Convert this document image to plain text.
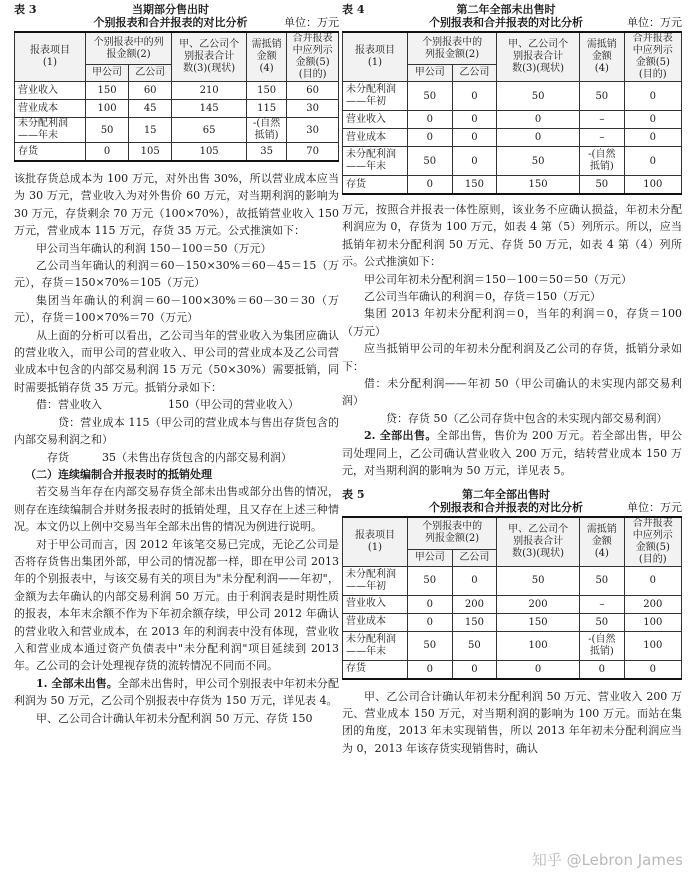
表 3	当期部分售出时
个别报表和合并报表的对比分析	单位：万元
报表项目
(1)	个别报表中的列
报金额(2)		甲、乙公司个
别报表合计
数(3)(现状)	需抵销
金额
(4)	合并报表
中应列示
金额(5)
(目的)
	甲公司	乙公司			
营业收入	150	60	210	150	60
营业成本	100	45	145	115	30
未分配利润
——年末	50	15	65	-(自然
抵销)	30
存货	0	105	105	35	70

该批存货总成本为 100 万元，对外出售 30%，所以营业成本应当为 30 万元，营业收入为对外售价 60 万元，对当期利润的影响为 30 万元，存货剩余 70 万元（100×70%），故抵销营业收入 150 万元，营业成本 115 万元，存货 35 万元。公式推演如下：

甲公司当年确认的利润 150－100＝50（万元）

乙公司当年确认的利润＝60－150×30%＝60－45＝15（万元），存货＝150×70%＝105（万元）

集团当年确认的利润＝60－100×30%＝60－30＝30（万元），存货＝100×70%＝70（万元）

从上面的分析可以看出，乙公司当年的营业收入为集团应确认的营业收入，而甲公司的营业收入、甲公司的营业成本及乙公司营业成本中包含的内部交易利润 15 万元（50×30%）需要抵销，同时需要抵销存货 35 万元。抵销分录如下：

借：营业收入　　　　　　150（甲公司的营业收入）

贷：营业成本 115（甲公司的营业成本与售出存货包含的内部交易利润之和）

存货　　　35（未售出存货包含的内部交易利润）

（二）连续编制合并报表时的抵销处理

若交易当年存在内部交易存货全部未出售或部分出售的情况，则存在连续编制合并财务报表时的抵销处理，且又存在上述三种情况。本文仍以上例中交易当年全部未出售的情况为例进行说明。

对于甲公司而言，因 2012 年该笔交易已完成，无论乙公司是否将存货售出集团外部，甲公司的情况都一样，即在甲公司 2013 年的个别报表中，与该交易有关的项目为"未分配利润——年初"，金额为去年确认的内部交易利润 50 万元。由于利润表是时期性质的报表，本年末余额不作为下年初余额存续，甲公司 2012 年确认的营业收入和营业成本，在 2013 年的利润表中没有体现，营业收入和营业成本通过资产负债表中"未分配利润"项目延续到 2013 年。乙公司的会计处理视存货的流转情况不同而不同。

1. 全部未出售。全部未出售时，甲公司个别报表中年初未分配利润为 50 万元，乙公司个别报表中存货为 150 万元，详见表 4。

甲、乙公司合计确认年初未分配利润 50 万元、存货 150

表 4	第二年全部未出售时
个别报表和合并报表的对比分析	单位：万元
报表项目
(1)	个别报表中的
列报金额(2)		甲、乙公司个
别报表合计
数(3)(现状)	需抵销
金额
(4)	合并报表
中应列示
金额(5)
(目的)
	甲公司	乙公司			
未分配利润
——年初	50	0	50	50	0
营业收入	0	0	0	–	0
营业成本	0	0	0	–	0
未分配利润
——年末	50	0	50	-(自然
抵销)	0
存货	0	150	150	50	100

万元，按照合并报表一体性原则，该业务不应确认损益，年初未分配利润应为 0，存货为 100 万元，如表 4 第（5）列所示。所以，应当抵销年初未分配利润 50 万元、存货 50 万元，如表 4 第（4）列所示。公式推演如下：

甲公司年初未分配利润＝150－100＝50＝50（万元）

乙公司当年确认的利润＝0，存货＝150（万元）

集团 2013 年初未分配利润＝0，当年的利润＝0，存货＝100（万元）

应当抵销甲公司的年初未分配利润及乙公司的存货，抵销分录如下：

借：未分配利润——年初 50（甲公司确认的未实现内部交易利润）

贷：存货 50（乙公司存货中包含的未实现内部交易利润）

2. 全部出售。全部出售，售价为 200 万元。若全部出售，甲公司处理同上，乙公司确认营业收入 200 万元，结转营业成本 150 万元，对当期利润的影响为 50 万元，详见表 5。

表 5	第二年全部出售时
个别报表和合并报表的对比分析	单位：万元
报表项目
(1)	个别报表中的
列报金额(2)		甲、乙公司个
别报表合计
数(3)(现状)	需抵销
金额
(4)	合并报表
中应列示
金额(5)
(目的)
	甲公司	乙公司			
未分配利润
——年初	50	0	50	50	0
营业收入	0	200	200	–	200
营业成本	0	150	150	50	100
未分配利润
——年末	50	50	100	-(自然
抵销)	100
存货	0	0	0	0	0

甲、乙公司合计确认年初未分配利润 50 万元、营业收入 200 万元、营业成本 150 万元，对当期利润的影响为 100 万元。而站在集团的角度，2013 年未实现销售，所以 2013 年年初未分配利润应当为 0，2013 年该存货实现销售时，确认

知乎 @Lebron James
